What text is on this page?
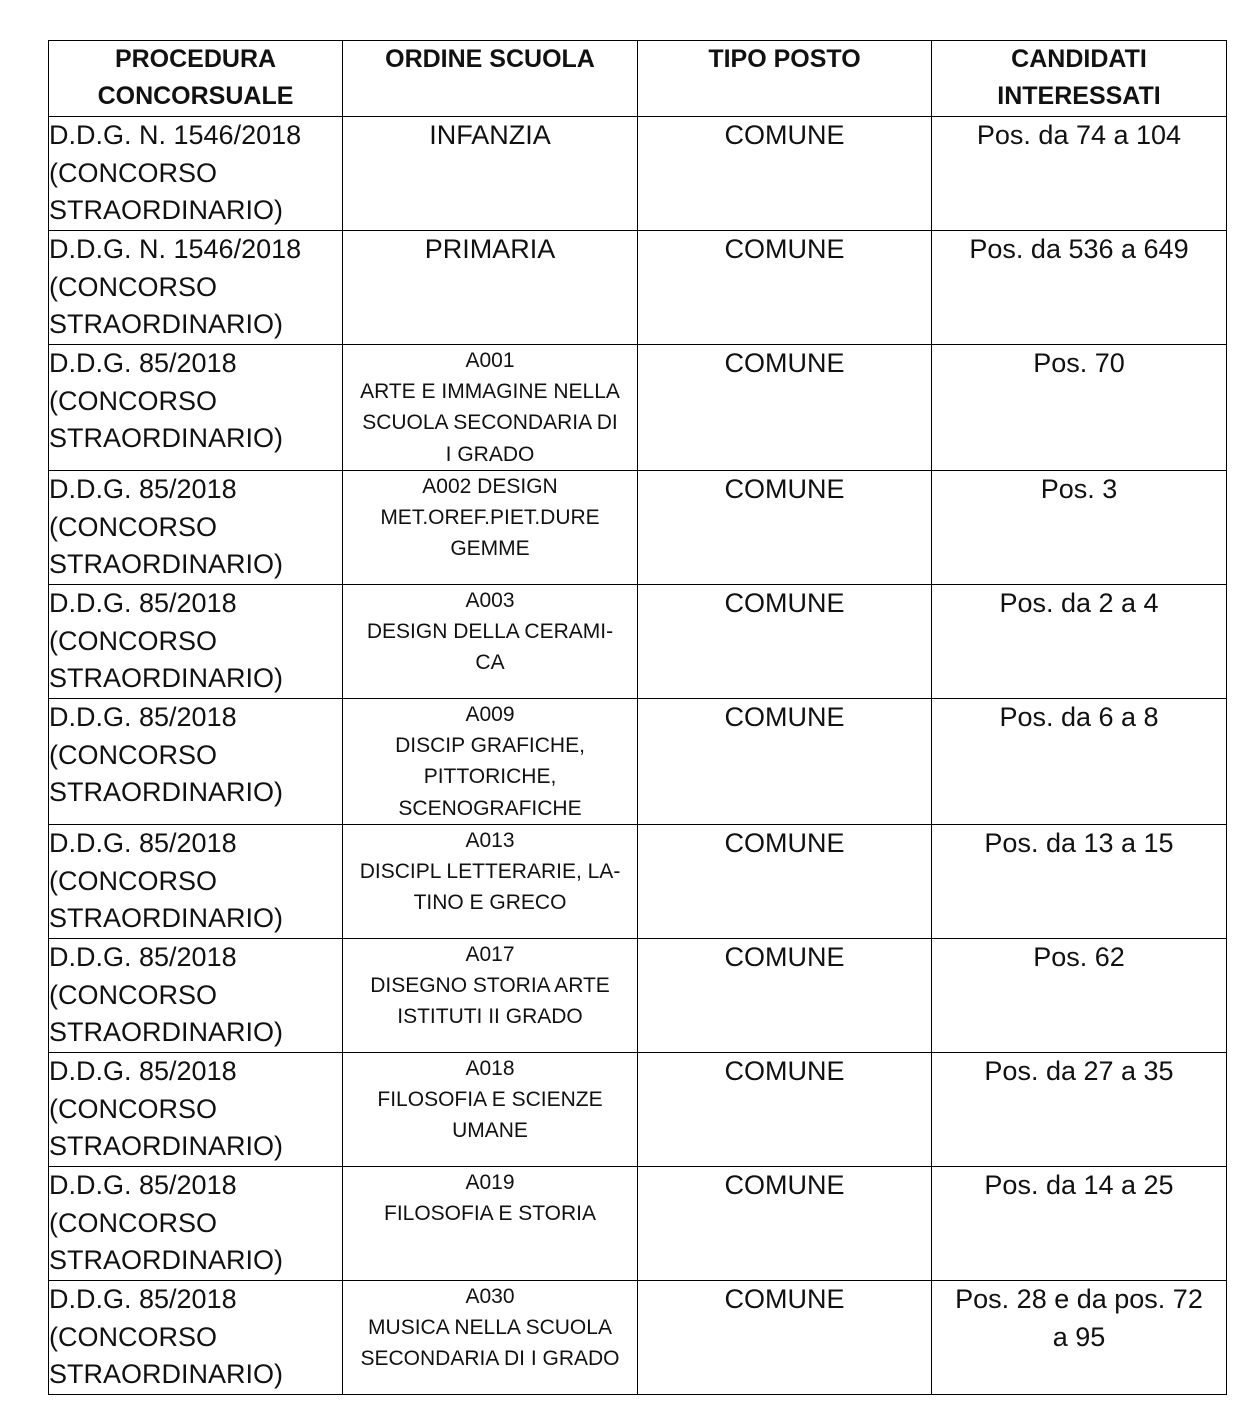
PROCEDURA
CONCORSUALE	ORDINE SCUOLA	TIPO POSTO	CANDIDATI
INTERESSATI
D.D.G. N. 1546/2018
(CONCORSO
STRAORDINARIO)	INFANZIA	COMUNE	Pos. da 74 a 104
D.D.G. N. 1546/2018
(CONCORSO
STRAORDINARIO)	PRIMARIA	COMUNE	Pos. da 536 a 649
D.D.G. 85/2018
(CONCORSO
STRAORDINARIO)	A001
ARTE E IMMAGINE NELLA
SCUOLA SECONDARIA DI
I GRADO	COMUNE	Pos. 70
D.D.G. 85/2018
(CONCORSO
STRAORDINARIO)	A002 DESIGN
MET.OREF.PIET.DURE
GEMME	COMUNE	Pos. 3
D.D.G. 85/2018
(CONCORSO
STRAORDINARIO)	A003
DESIGN DELLA CERAMI-
CA	COMUNE	Pos. da 2 a 4
D.D.G. 85/2018
(CONCORSO
STRAORDINARIO)	A009
DISCIP GRAFICHE,
PITTORICHE,
SCENOGRAFICHE	COMUNE	Pos. da 6 a 8
D.D.G. 85/2018
(CONCORSO
STRAORDINARIO)	A013
DISCIPL LETTERARIE, LA-
TINO E GRECO	COMUNE	Pos. da 13 a 15
D.D.G. 85/2018
(CONCORSO
STRAORDINARIO)	A017
DISEGNO STORIA ARTE
ISTITUTI II GRADO	COMUNE	Pos. 62
D.D.G. 85/2018
(CONCORSO
STRAORDINARIO)	A018
FILOSOFIA E SCIENZE
UMANE	COMUNE	Pos. da 27 a 35
D.D.G. 85/2018
(CONCORSO
STRAORDINARIO)	A019
FILOSOFIA E STORIA	COMUNE	Pos. da 14 a 25
D.D.G. 85/2018
(CONCORSO
STRAORDINARIO)	A030
MUSICA NELLA SCUOLA
SECONDARIA DI I GRADO	COMUNE	Pos. 28 e da pos. 72
a 95
